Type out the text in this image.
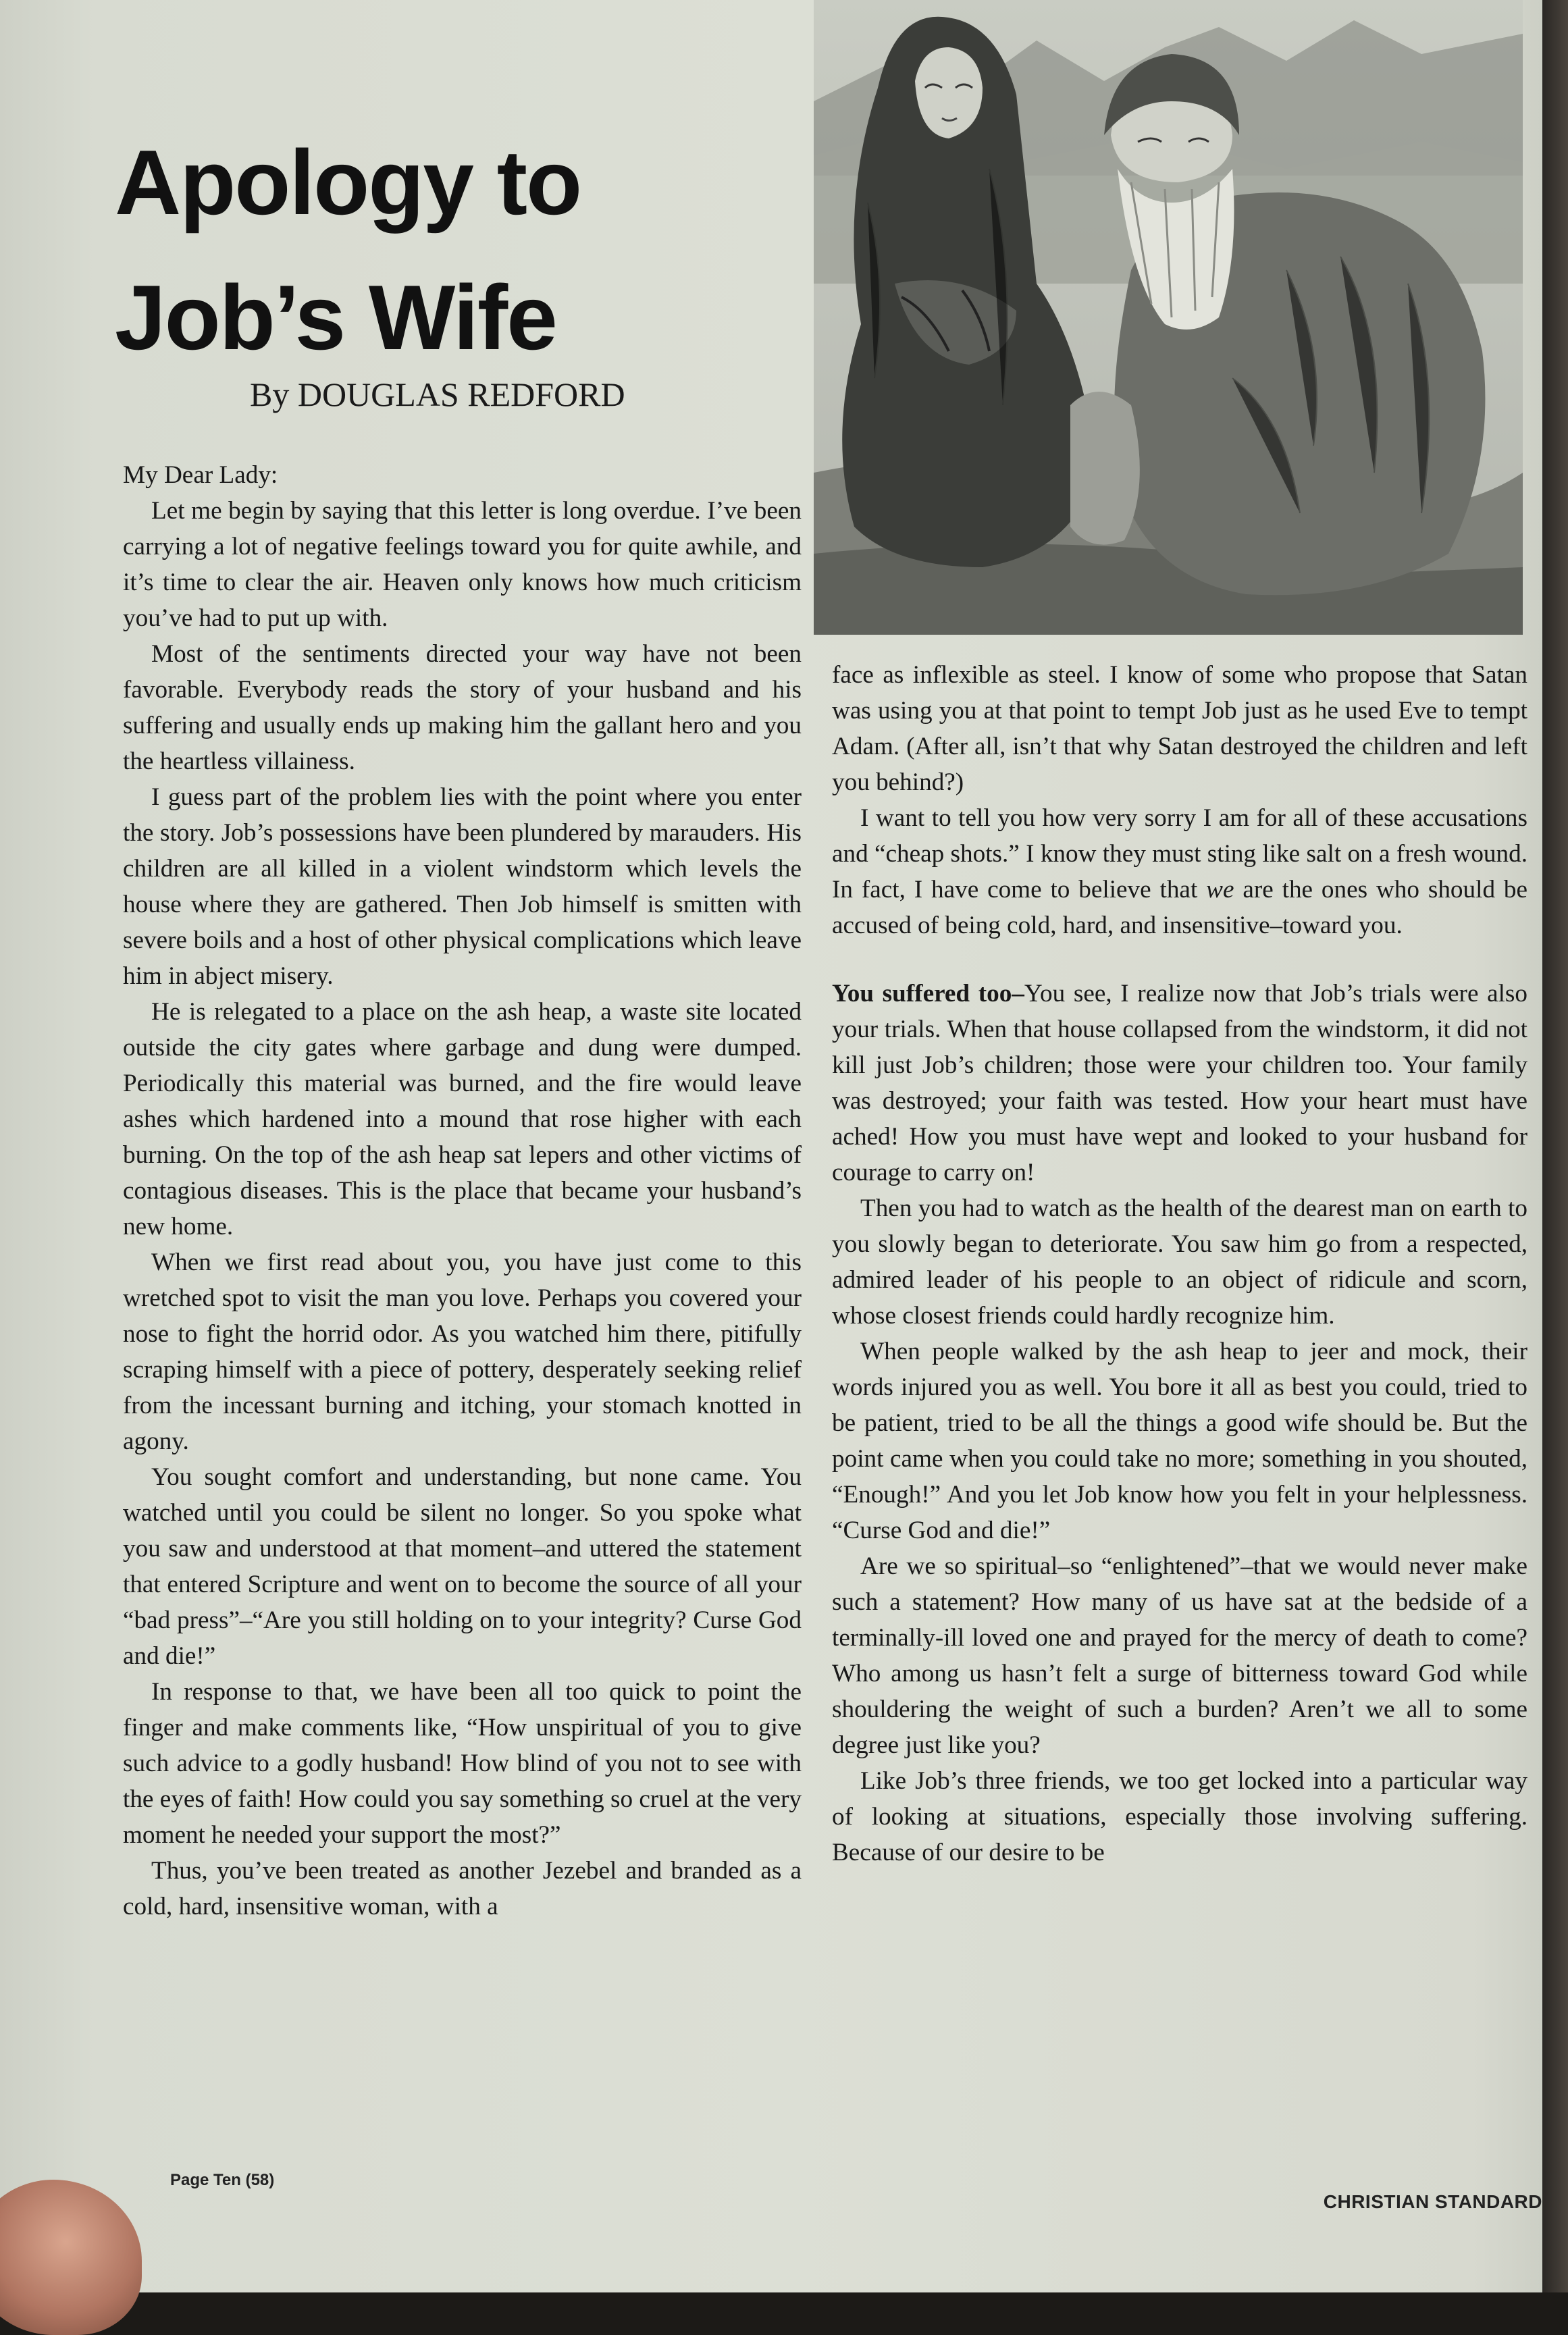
Apology to
Job’s Wife
By DOUGLAS REDFORD

My Dear Lady:

Let me begin by saying that this letter is long overdue. I’ve been carrying a lot of negative feelings toward you for quite awhile, and it’s time to clear the air. Heaven only knows how much criticism you’ve had to put up with.

Most of the sentiments directed your way have not been favorable. Everybody reads the story of your husband and his suffering and usually ends up making him the gallant hero and you the heartless villainess.

I guess part of the problem lies with the point where you enter the story. Job’s possessions have been plundered by marauders. His children are all killed in a violent windstorm which levels the house where they are gathered. Then Job himself is smitten with severe boils and a host of other physical complications which leave him in abject misery.

He is relegated to a place on the ash heap, a waste site located outside the city gates where garbage and dung were dumped. Periodically this material was burned, and the fire would leave ashes which hardened into a mound that rose higher with each burning. On the top of the ash heap sat lepers and other victims of contagious diseases. This is the place that became your husband’s new home.

When we first read about you, you have just come to this wretched spot to visit the man you love. Perhaps you covered your nose to fight the horrid odor. As you watched him there, pitifully scraping himself with a piece of pottery, desperately seeking relief from the incessant burning and itching, your stomach knotted in agony.

You sought comfort and understanding, but none came. You watched until you could be silent no longer. So you spoke what you saw and understood at that moment–and uttered the statement that entered Scripture and went on to become the source of all your “bad press”–“Are you still holding on to your integrity? Curse God and die!”

In response to that, we have been all too quick to point the finger and make comments like, “How unspiritual of you to give such advice to a godly husband! How blind of you not to see with the eyes of faith! How could you say something so cruel at the very moment he needed your support the most?”

Thus, you’ve been treated as another Jezebel and branded as a cold, hard, insensitive woman, with a

face as inflexible as steel. I know of some who propose that Satan was using you at that point to tempt Job just as he used Eve to tempt Adam. (After all, isn’t that why Satan destroyed the children and left you behind?)

I want to tell you how very sorry I am for all of these accusations and “cheap shots.” I know they must sting like salt on a fresh wound. In fact, I have come to believe that we are the ones who should be accused of being cold, hard, and insensitive–toward you.

You suffered too–You see, I realize now that Job’s trials were also your trials. When that house collapsed from the windstorm, it did not kill just Job’s children; those were your children too. Your family was destroyed; your faith was tested. How your heart must have ached! How you must have wept and looked to your husband for courage to carry on!

Then you had to watch as the health of the dearest man on earth to you slowly began to deteriorate. You saw him go from a respected, admired leader of his people to an object of ridicule and scorn, whose closest friends could hardly recognize him.

When people walked by the ash heap to jeer and mock, their words injured you as well. You bore it all as best you could, tried to be patient, tried to be all the things a good wife should be. But the point came when you could take no more; something in you shouted, “Enough!” And you let Job know how you felt in your helplessness. “Curse God and die!”

Are we so spiritual–so “enlightened”–that we would never make such a statement? How many of us have sat at the bedside of a terminally-ill loved one and prayed for the mercy of death to come? Who among us hasn’t felt a surge of bitterness toward God while shouldering the weight of such a burden? Aren’t we all to some degree just like you?

Like Job’s three friends, we too get locked into a particular way of looking at situations, especially those involving suffering. Because of our desire to be

Page Ten (58)
CHRISTIAN STANDARD
